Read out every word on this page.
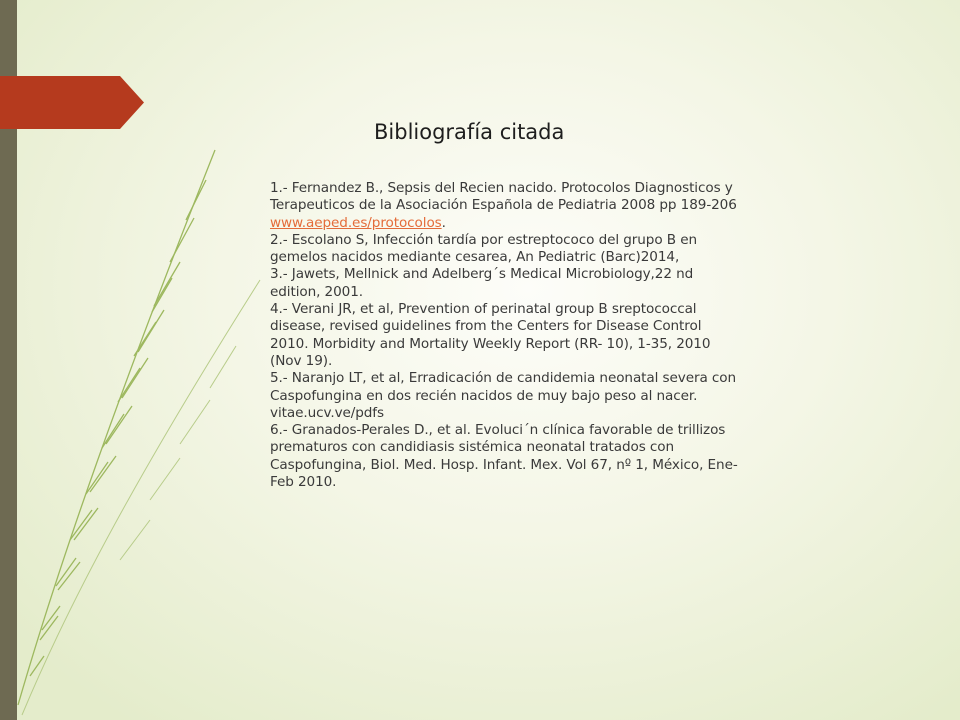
Bibliografía citada

1.- Fernandez B., Sepsis del Recien nacido. Protocolos Diagnosticos y Terapeuticos de la Asociación Española de Pediatria 2008 pp 189-206 www.aeped.es/protocolos.

2.- Escolano S, Infección tardía por estreptococo del grupo B en gemelos nacidos mediante cesarea, An Pediatric (Barc)2014,

3.- Jawets, Mellnick and Adelberg´s Medical Microbiology,22 nd edition, 2001.

4.- Verani JR, et al, Prevention of perinatal group B sreptococcal disease, revised guidelines from the Centers for Disease Control 2010. Morbidity and Mortality Weekly Report (RR- 10), 1-35, 2010 (Nov 19).

5.- Naranjo LT, et al, Erradicación de candidemia neonatal severa con Caspofungina en dos recién nacidos de muy bajo peso al nacer. vitae.ucv.ve/pdfs

6.- Granados-Perales D., et al. Evoluci´n clínica favorable de trillizos prematuros con candidiasis sistémica neonatal tratados con Caspofungina, Biol. Med. Hosp. Infant. Mex. Vol 67, nº 1, México, Ene-Feb 2010.
